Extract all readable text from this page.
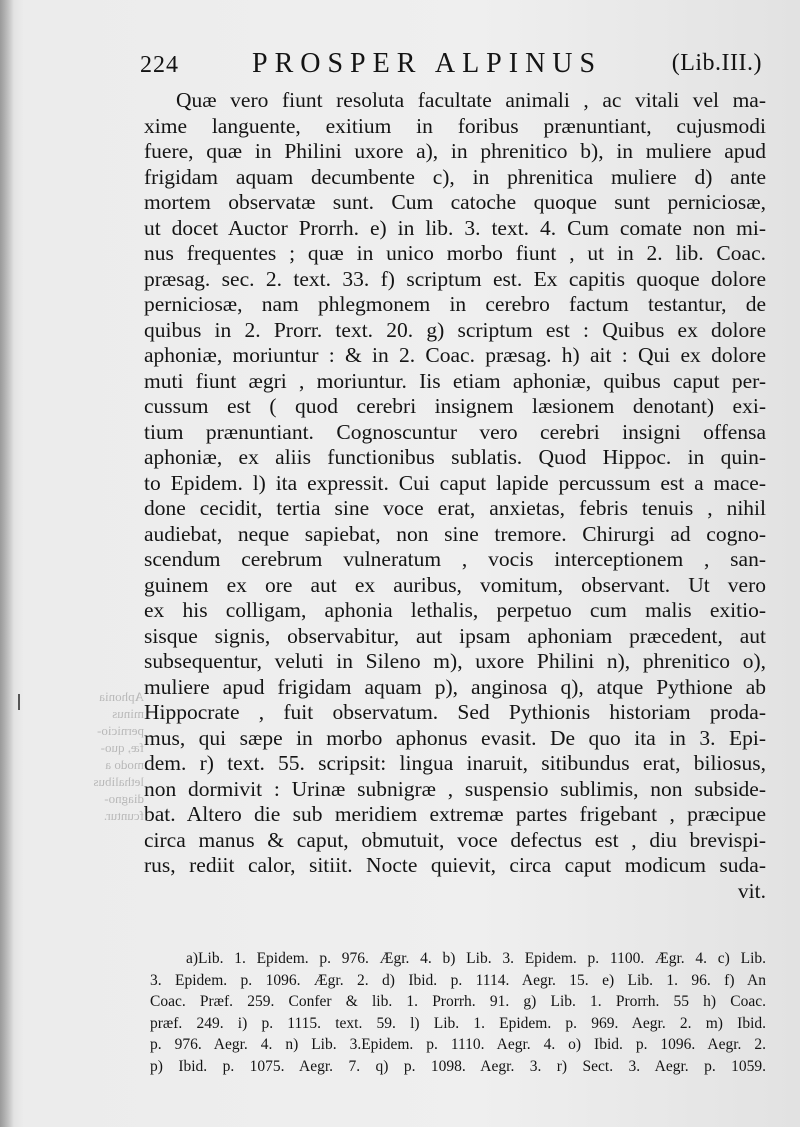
224	PROSPER ALPINUS	(Lib.III.)
Aphonia
minus
pernicio-
fæ, quo-
modo a
lethalibus
diagno-
fcuntur.
Quæ vero fiunt resoluta facultate animali , ac vitali vel ma-
xime languente, exitium in foribus prænuntiant, cujusmodi
fuere, quæ in Philini uxore a), in phrenitico b), in muliere apud
frigidam aquam decumbente c), in phrenitica muliere d) ante
mortem observatæ sunt. Cum catoche quoque sunt perniciosæ,
ut docet Auctor Prorrh. e) in lib. 3. text. 4. Cum comate non mi-
nus frequentes ; quæ in unico morbo fiunt , ut in 2. lib. Coac.
præsag. sec. 2. text. 33. f) scriptum est. Ex capitis quoque dolore
perniciosæ, nam phlegmonem in cerebro factum testantur, de
quibus in 2. Prorr. text. 20. g) scriptum est : Quibus ex dolore
aphoniæ, moriuntur : & in 2. Coac. præsag. h) ait : Qui ex dolore
muti fiunt ægri , moriuntur. Iis etiam aphoniæ, quibus caput per-
cussum est ( quod cerebri insignem læsionem denotant) exi-
tium prænuntiant. Cognoscuntur vero cerebri insigni offensa
aphoniæ, ex aliis functionibus sublatis. Quod Hippoc. in quin-
to Epidem. l) ita expressit. Cui caput lapide percussum est a mace-
done cecidit, tertia sine voce erat, anxietas, febris tenuis , nihil
audiebat, neque sapiebat, non sine tremore. Chirurgi ad cogno-
scendum cerebrum vulneratum , vocis interceptionem , san-
guinem ex ore aut ex auribus, vomitum, observant. Ut vero
ex his colligam, aphonia lethalis, perpetuo cum malis exitio-
sisque signis, observabitur, aut ipsam aphoniam præcedent, aut
subsequentur, veluti in Sileno m), uxore Philini n), phrenitico o),
muliere apud frigidam aquam p), anginosa q), atque Pythione ab
Hippocrate , fuit observatum. Sed Pythionis historiam proda-
mus, qui sæpe in morbo aphonus evasit. De quo ita in 3. Epi-
dem. r) text. 55. scripsit: lingua inaruit, sitibundus erat, biliosus,
non dormivit : Urinæ subnigræ , suspensio sublimis, non subside-
bat. Altero die sub meridiem extremæ partes frigebant , præcipue
circa manus & caput, obmutuit, voce defectus est , diu brevispi-
rus, rediit calor, sitiit. Nocte quievit, circa caput modicum suda-
vit.
a)Lib. 1. Epidem. p. 976. Ægr. 4. b) Lib. 3. Epidem. p. 1100. Ægr. 4. c) Lib.
3. Epidem. p. 1096. Ægr. 2. d) Ibid. p. 1114. Aegr. 15. e) Lib. 1. 96. f) An
Coac. Præf. 259. Confer & lib. 1. Prorrh. 91. g) Lib. 1. Prorrh. 55 h) Coac.
præf. 249. i) p. 1115. text. 59. l) Lib. 1. Epidem. p. 969. Aegr. 2. m) Ibid.
p. 976. Aegr. 4. n) Lib. 3.Epidem. p. 1110. Aegr. 4. o) Ibid. p. 1096. Aegr. 2.
p) Ibid. p. 1075. Aegr. 7. q) p. 1098. Aegr. 3. r) Sect. 3. Aegr. p. 1059.
